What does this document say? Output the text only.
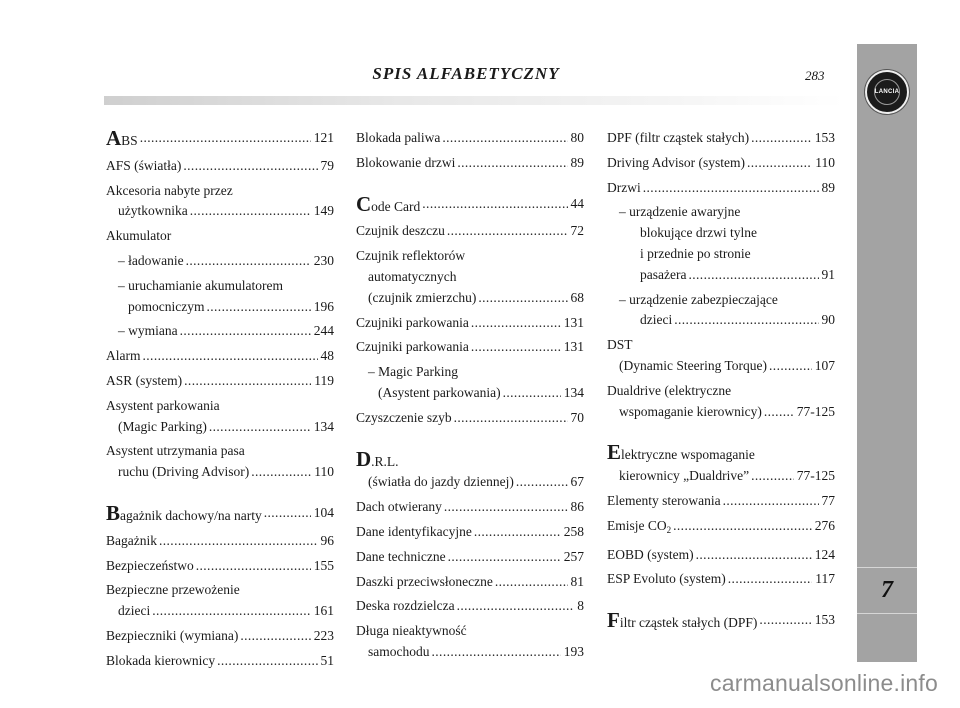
SPIS ALFABETYCZNY	283
ABS .....	121
AFS (światła) .....	79
Akcesoria nabyte przez
użytkownika .....	149
Akumulator
– ładowanie .....	230
– uruchamianie akumulatorem
pomocniczym .....	196
– wymiana .....	244
Alarm .....	48
ASR (system) .....	119
Asystent parkowania
(Magic Parking) .....	134
Asystent utrzymania pasa
ruchu (Driving Advisor) .....	110
Bagażnik dachowy/na narty .....	104
Bagażnik .....	96
Bezpieczeństwo .....	155
Bezpieczne przewożenie
dzieci .....	161
Bezpieczniki (wymiana) .....	223
Blokada kierownicy .....	51
Blokada paliwa .....	80
Blokowanie drzwi .....	89
Code Card .....	44
Czujnik deszczu .....	72
Czujnik reflektorów
automatycznych
(czujnik zmierzchu) .....	68
Czujniki parkowania .....	131
Czujniki parkowania .....	131
– Magic Parking
(Asystent parkowania) .....	134
Czyszczenie szyb .....	70
D.R.L.
(światła do jazdy dziennej) .....	67
Dach otwierany .....	86
Dane identyfikacyjne .....	258
Dane techniczne .....	257
Daszki przeciwsłoneczne .....	81
Deska rozdzielcza .....	8
Długa nieaktywność
samochodu .....	193
DPF (filtr cząstek stałych) .....	153
Driving Advisor (system) .....	110
Drzwi .....	89
– urządzenie awaryjne
blokujące drzwi tylne
i przednie po stronie
pasażera .....	91
– urządzenie zabezpieczające
dzieci .....	90
DST
(Dynamic Steering Torque) .....	107
Dualdrive (elektryczne
wspomaganie kierownicy) .....	77-125
Elektryczne wspomaganie
kierownicy „Dualdrive” .....	77-125
Elementy sterowania .....	77
Emisje $CO_2$ .....	276
EOBD (system) .....	124
ESP Evoluto (system) .....	117
Filtr cząstek stałych (DPF) .....	153
LANCIA
7
carmanualsonline.info
